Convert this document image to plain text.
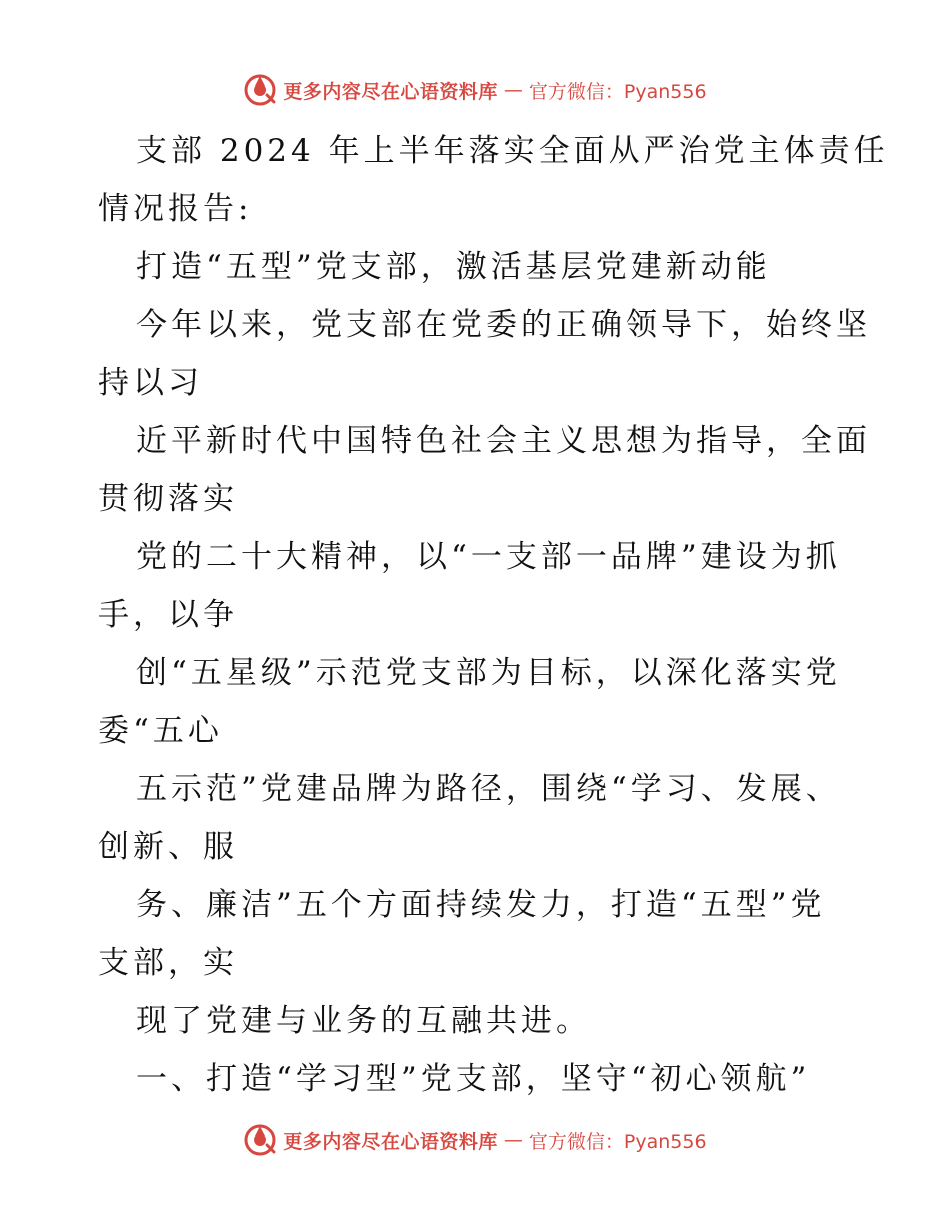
更多内容尽在心语资料库 — 官方微信：Pyan556
支部 2024 年上半年落实全面从严治党主体责任
情况报告:
打造“五型”党支部，激活基层党建新动能
今年以来，党支部在党委的正确领导下，始终坚
持以习
近平新时代中国特色社会主义思想为指导，全面
贯彻落实
党的二十大精神，以“一支部一品牌”建设为抓
手，以争
创“五星级”示范党支部为目标，以深化落实党
委“五心
五示范”党建品牌为路径，围绕“学习、发展、
创新、服
务、廉洁”五个方面持续发力，打造“五型”党
支部，实
现了党建与业务的互融共进。
一、打造“学习型”党支部，坚守“初心领航”
更多内容尽在心语资料库 — 官方微信：Pyan556
